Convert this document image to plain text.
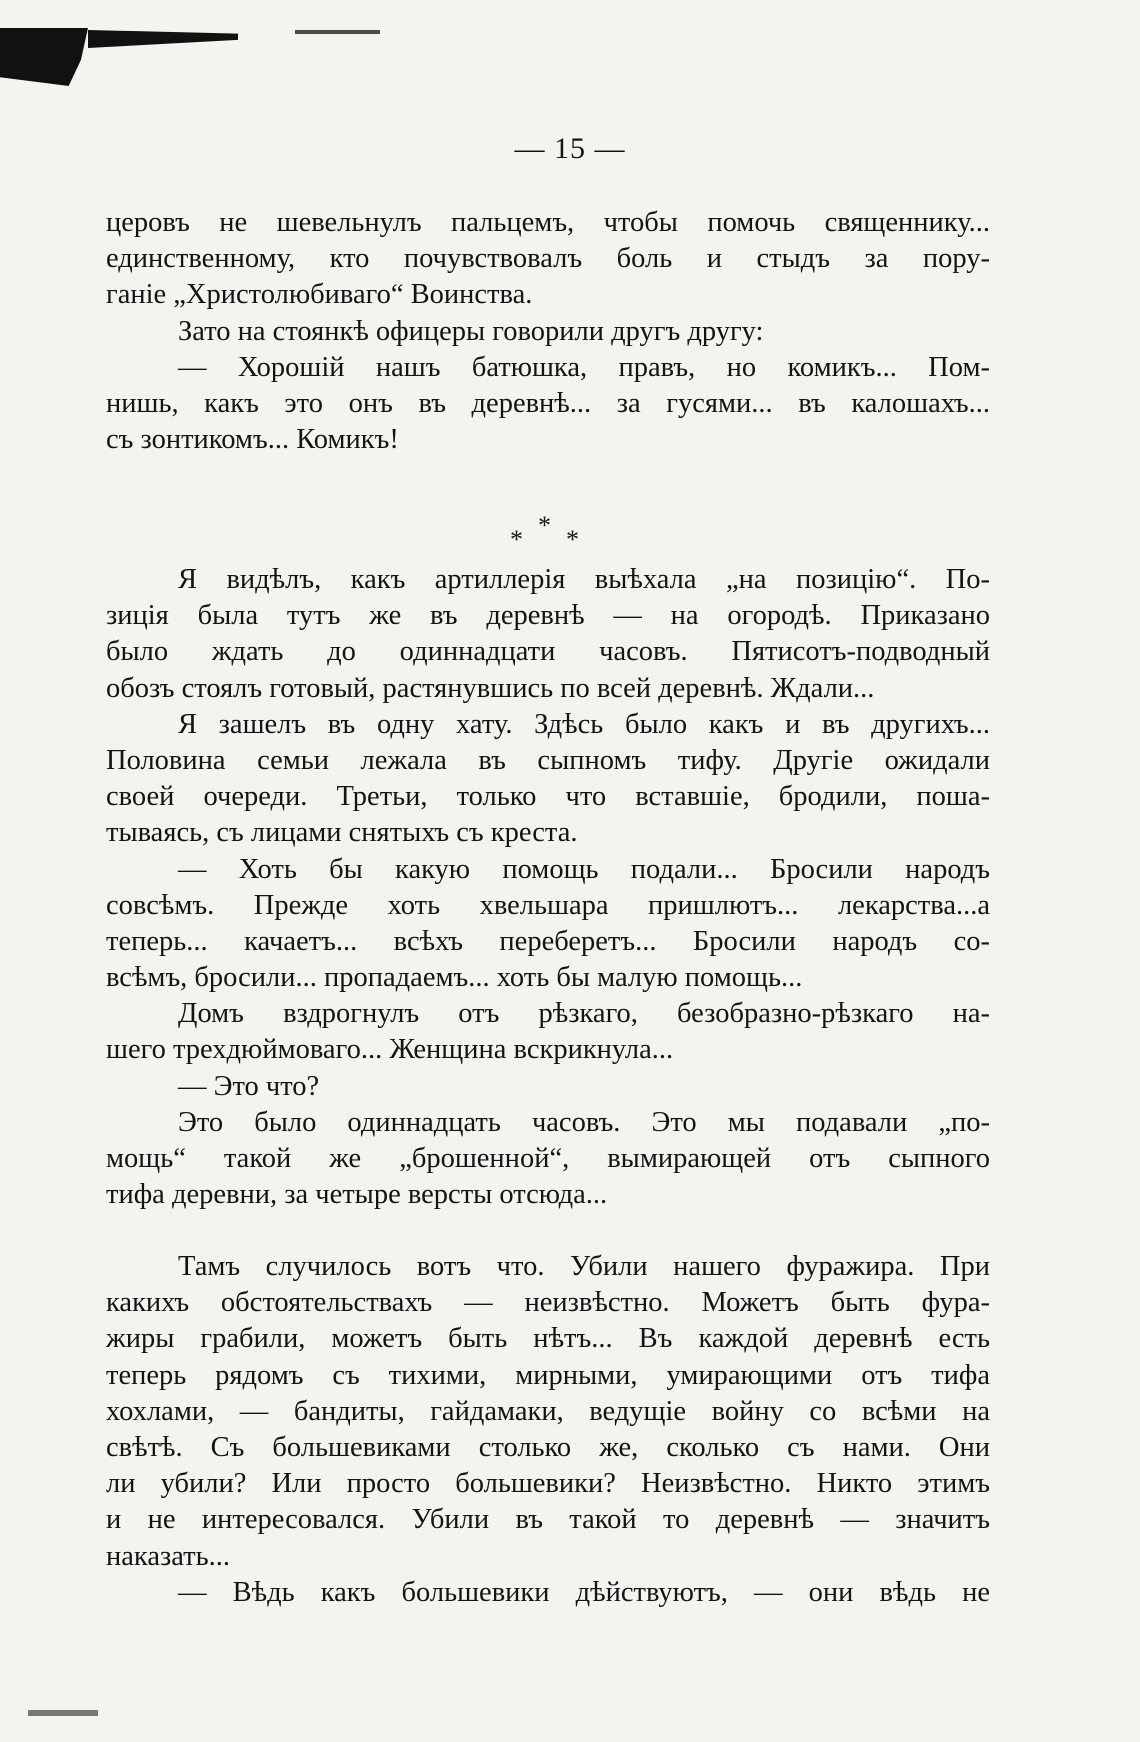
— 15 —
церовъ не шевельнулъ пальцемъ, чтобы помочь священнику...
единственному, кто почувствовалъ боль и стыдъ за пору-
ганіе „Христолюбиваго“ Воинства.
Зато на стоянкѣ офицеры говорили другъ другу:
— Хорошій нашъ батюшка, правъ, но комикъ... Пом-
нишь, какъ это онъ въ деревнѣ... за гусями... въ калошахъ...
съ зонтикомъ... Комикъ!
*
* *
Я видѣлъ, какъ артиллерія выѣхала „на позицію“. По-
зиція была тутъ же въ деревнѣ — на огородѣ. Приказано
было ждать до одиннадцати часовъ. Пятисотъ-подводный
обозъ стоялъ готовый, растянувшись по всей деревнѣ. Ждали...
Я зашелъ въ одну хату. Здѣсь было какъ и въ другихъ...
Половина семьи лежала въ сыпномъ тифу. Другіе ожидали
своей очереди. Третьи, только что вставшіе, бродили, поша-
тываясь, съ лицами снятыхъ съ креста.
— Хоть бы какую помощь подали... Бросили народъ
совсѣмъ. Прежде хоть хвельшара пришлютъ... лекарства...а
теперь... качаетъ... всѣхъ переберетъ... Бросили народъ со-
всѣмъ, бросили... пропадаемъ... хоть бы малую помощь...
Домъ вздрогнулъ отъ рѣзкаго, безобразно-рѣзкаго на-
шего трехдюймоваго... Женщина вскрикнула...
— Это что?
Это было одиннадцать часовъ. Это мы подавали „по-
мощь“ такой же „брошенной“, вымирающей отъ сыпного
тифа деревни, за четыре версты отсюда...
Тамъ случилось вотъ что. Убили нашего фуражира. При
какихъ обстоятельствахъ — неизвѣстно. Можетъ быть фура-
жиры грабили, можетъ быть нѣтъ... Въ каждой деревнѣ есть
теперь рядомъ съ тихими, мирными, умирающими отъ тифа
хохлами, — бандиты, гайдамаки, ведущіе войну со всѣми на
свѣтѣ. Съ большевиками столько же, сколько съ нами. Они
ли убили? Или просто большевики? Неизвѣстно. Никто этимъ
и не интересовался. Убили въ такой то деревнѣ — значитъ
наказать...
— Вѣдь какъ большевики дѣйствуютъ, — они вѣдь не
